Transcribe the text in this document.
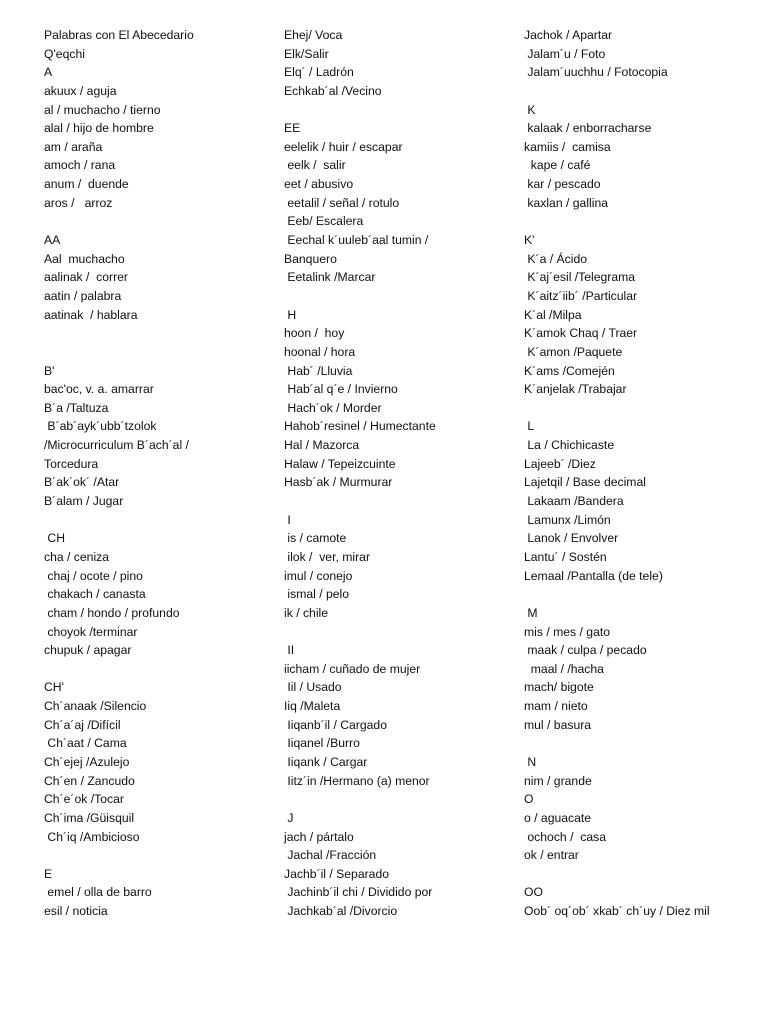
Palabras con El Abecedario
Q'eqchi
A
akuux / aguja
al / muchacho / tierno
alal / hijo de hombre
am / araña
amoch / rana
anum /  duende
aros /   arroz
AA
Aal  muchacho
aalinak /  correr
aatin / palabra
aatinak  / hablara
B'
bac'oc, v. a. amarrar
B´a /Taltuza
B´ab´ayk´ubb´tzolok
/Microcurriculum B´ach´al /
Torcedura
B´ak´ok´ /Atar
B´alam / Jugar
CH
cha / ceniza
chaj / ocote / pino
chakach / canasta
cham / hondo / profundo
choyok /terminar
chupuk / apagar
CH'
Ch´anaak /Silencio
Ch´a´aj /Difícil
Ch´aat / Cama
Ch´ejej /Azulejo
Ch´en / Zancudo
Ch´e´ok /Tocar
Ch´ima /Güisquil
Ch´iq /Ambicioso
E
emel / olla de barro
esil / noticia
Ehej/ Voca
Elk/Salir
Elq´ / Ladrón
Echkab´al /Vecino
EE
eelelik / huir / escapar
eelk /  salir
eet / abusivo
eetalil / señal / rotulo
Eeb/ Escalera
Eechal k´uuleb´aal tumin /
Banquero
Eetalink /Marcar
H
hoon /  hoy
hoonal / hora
Hab´ /Lluvia
Hab´al q´e / Invierno
Hach´ok / Morder
Hahob´resinel / Humectante
Hal / Mazorca
Halaw / Tepeizcuinte
Hasb´ak / Murmurar
I
is / camote
ilok /  ver, mirar
imul / conejo
ismal / pelo
ik / chile
II
iicham / cuñado de mujer
Iil / Usado
Iiq /Maleta
Iiqanb´il / Cargado
Iiqanel /Burro
Iiqank / Cargar
Iitz´in /Hermano (a) menor
J
jach / pártalo
Jachal /Fracción
Jachb´il / Separado
Jachinb´il chi / Dividido por
Jachkab´al /Divorcio
Jachok / Apartar
Jalam´u / Foto
Jalam´uuchhu / Fotocopia
K
kalaak / enborracharse
kamiis /  camisa
kape / café
kar / pescado
kaxlan / gallina
K'
K´a / Ácido
K´aj´esil /Telegrama
K´aitz´iib´ /Particular
K´al /Milpa
K´amok Chaq / Traer
K´amon /Paquete
K´ams /Comején
K´anjelak /Trabajar
L
La / Chichicaste
Lajeeb´ /Diez
Lajetqil / Base decimal
Lakaam /Bandera
Lamunx /Limón
Lanok / Envolver
Lantu´ / Sostén
Lemaal /Pantalla (de tele)
M
mis / mes / gato
maak / culpa / pecado
maal / /hacha
mach/ bigote
mam / nieto
mul / basura
N
nim / grande
O
o / aguacate
ochoch /  casa
ok / entrar
OO
Oob´ oq´ob´ xkab´ ch´uy / Diez mil
